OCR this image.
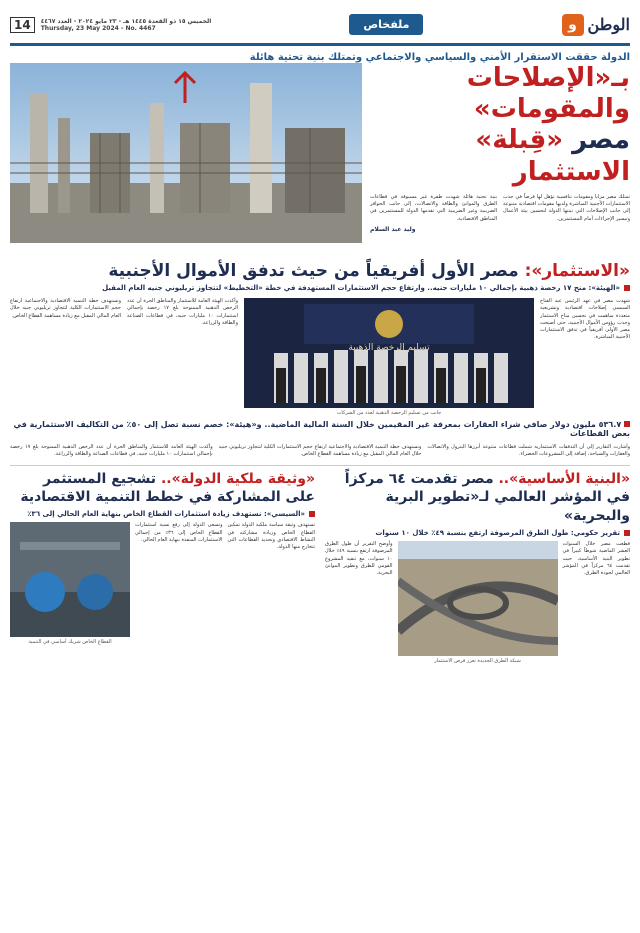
الوطن
و
ملفخاص
14	الخميس ١٥ ذو القعدة ١٤٤٥ هـ - ٢٣ مايو ٢٠٢٤ - العدد ٤٤٦٧
Thursday, 23 May 2024 - No. 4467
الدولة حققت الاستقرار الأمني والسياسي والاجتماعي وتمتلك بنية تحتية هائلة
بـ«الإصلاحات والمقومات»
مصر «قِبلة» الاستثمار

تمتلك مصر مزايا ومقومات تنافسية تؤهل لها فرصاً في جذب الاستثمارات الأجنبية المباشرة ولديها مقومات اقتصادية متنوعة إلى جانب الإصلاحات التي تبنتها الدولة لتحسين بيئة الأعمال وتيسير الإجراءات أمام المستثمرين.

بنية تحتية هائلة شهدت طفرة غير مسبوقة في قطاعات الطرق والموانئ والطاقة والاتصالات، إلى جانب الحوافز الضريبية وغير الضريبية التي تقدمها الدولة للمستثمرين في المناطق الاقتصادية.

وليد عبد السلام
«الاستثمار»: مصر الأول أفريقياً من حيث تدفق الأموال الأجنبية
«الهيئة»: منح ١٧ رخصة ذهبية بإجمالي ١٠ مليارات جنيه.. وارتفاع حجم الاستثمارات المستهدفة في خطة «التخطيط» لتتجاوز تريليوني جنيه العام المقبل

شهدت مصر في عهد الرئيس عبد الفتاح السيسي إصلاحات اقتصادية وتشريعية متعددة ساهمت في تحسين مناخ الاستثمار وجذب رؤوس الأموال الأجنبية، حتى أصبحت مصر الأولى أفريقياً في تدفق الاستثمارات الأجنبية المباشرة.

تسليم الرخصة الذهبية
جانب من تسليم الرخصة الذهبية لعدد من الشركات

وأكدت الهيئة العامة للاستثمار والمناطق الحرة أن عدد الرخص الذهبية الممنوحة بلغ ١٧ رخصة بإجمالي استثمارات ١٠ مليارات جنيه، في قطاعات الصناعة والطاقة والزراعة.

وتستهدف خطة التنمية الاقتصادية والاجتماعية ارتفاع حجم الاستثمارات الكلية لتتجاوز تريليوني جنيه خلال العام المالي المقبل مع زيادة مساهمة القطاع الخاص.

٥٣٦.٧ مليون دولار صافي شراء العقارات بمعرفة غير المقيمين خلال السنة المالية الماضية.. و«هيئة»: خصم نسبة تصل إلى ٥٠٪ من التكاليف الاستثمارية في بعض القطاعات

وأشارت التقارير إلى أن التدفقات الاستثمارية شملت قطاعات متنوعة أبرزها البترول والاتصالات والعقارات والسياحة، إضافة إلى المشروعات الخضراء.

وتستهدف خطة التنمية الاقتصادية والاجتماعية ارتفاع حجم الاستثمارات الكلية لتتجاوز تريليوني جنيه خلال العام المالي المقبل مع زيادة مساهمة القطاع الخاص.

وأكدت الهيئة العامة للاستثمار والمناطق الحرة أن عدد الرخص الذهبية الممنوحة بلغ ١٧ رخصة بإجمالي استثمارات ١٠ مليارات جنيه، في قطاعات الصناعة والطاقة والزراعة.

«البنية الأساسية».. مصر تقدمت ٦٤ مركزاً في المؤشر العالمي لـ«تطوير البرية والبحرية»
تقرير حكومي: طول الطرق المرصوفة ارتفع بنسبة ٤٩٪ خلال ١٠ سنوات

قطعت مصر خلال السنوات العشر الماضية شوطاً كبيراً في تطوير البنية الأساسية، حيث تقدمت ٦٤ مركزاً في المؤشر العالمي لجودة الطرق.

شبكة الطرق الجديدة تعزز فرص الاستثمار

وأوضح التقرير أن طول الطرق المرصوفة ارتفع بنسبة ٤٩٪ خلال ١٠ سنوات، مع تنفيذ المشروع القومي للطرق وتطوير الموانئ البحرية.

«وثيقة ملكية الدولة».. تشجيع المستثمر على المشاركة في خطط التنمية الاقتصادية
«السيسي»: نستهدف زيادة استثمارات القطاع الخاص بنهاية العام الحالي إلى ٣٦٪

تستهدف وثيقة سياسة ملكية الدولة تمكين القطاع الخاص وزيادة مشاركته في النشاط الاقتصادي وتحديد القطاعات التي تتخارج منها الدولة.

وتسعى الدولة إلى رفع نسبة استثمارات القطاع الخاص إلى ٣٦٪ من إجمالي الاستثمارات المنفذة بنهاية العام الحالي.

القطاع الخاص شريك أساسي في التنمية
